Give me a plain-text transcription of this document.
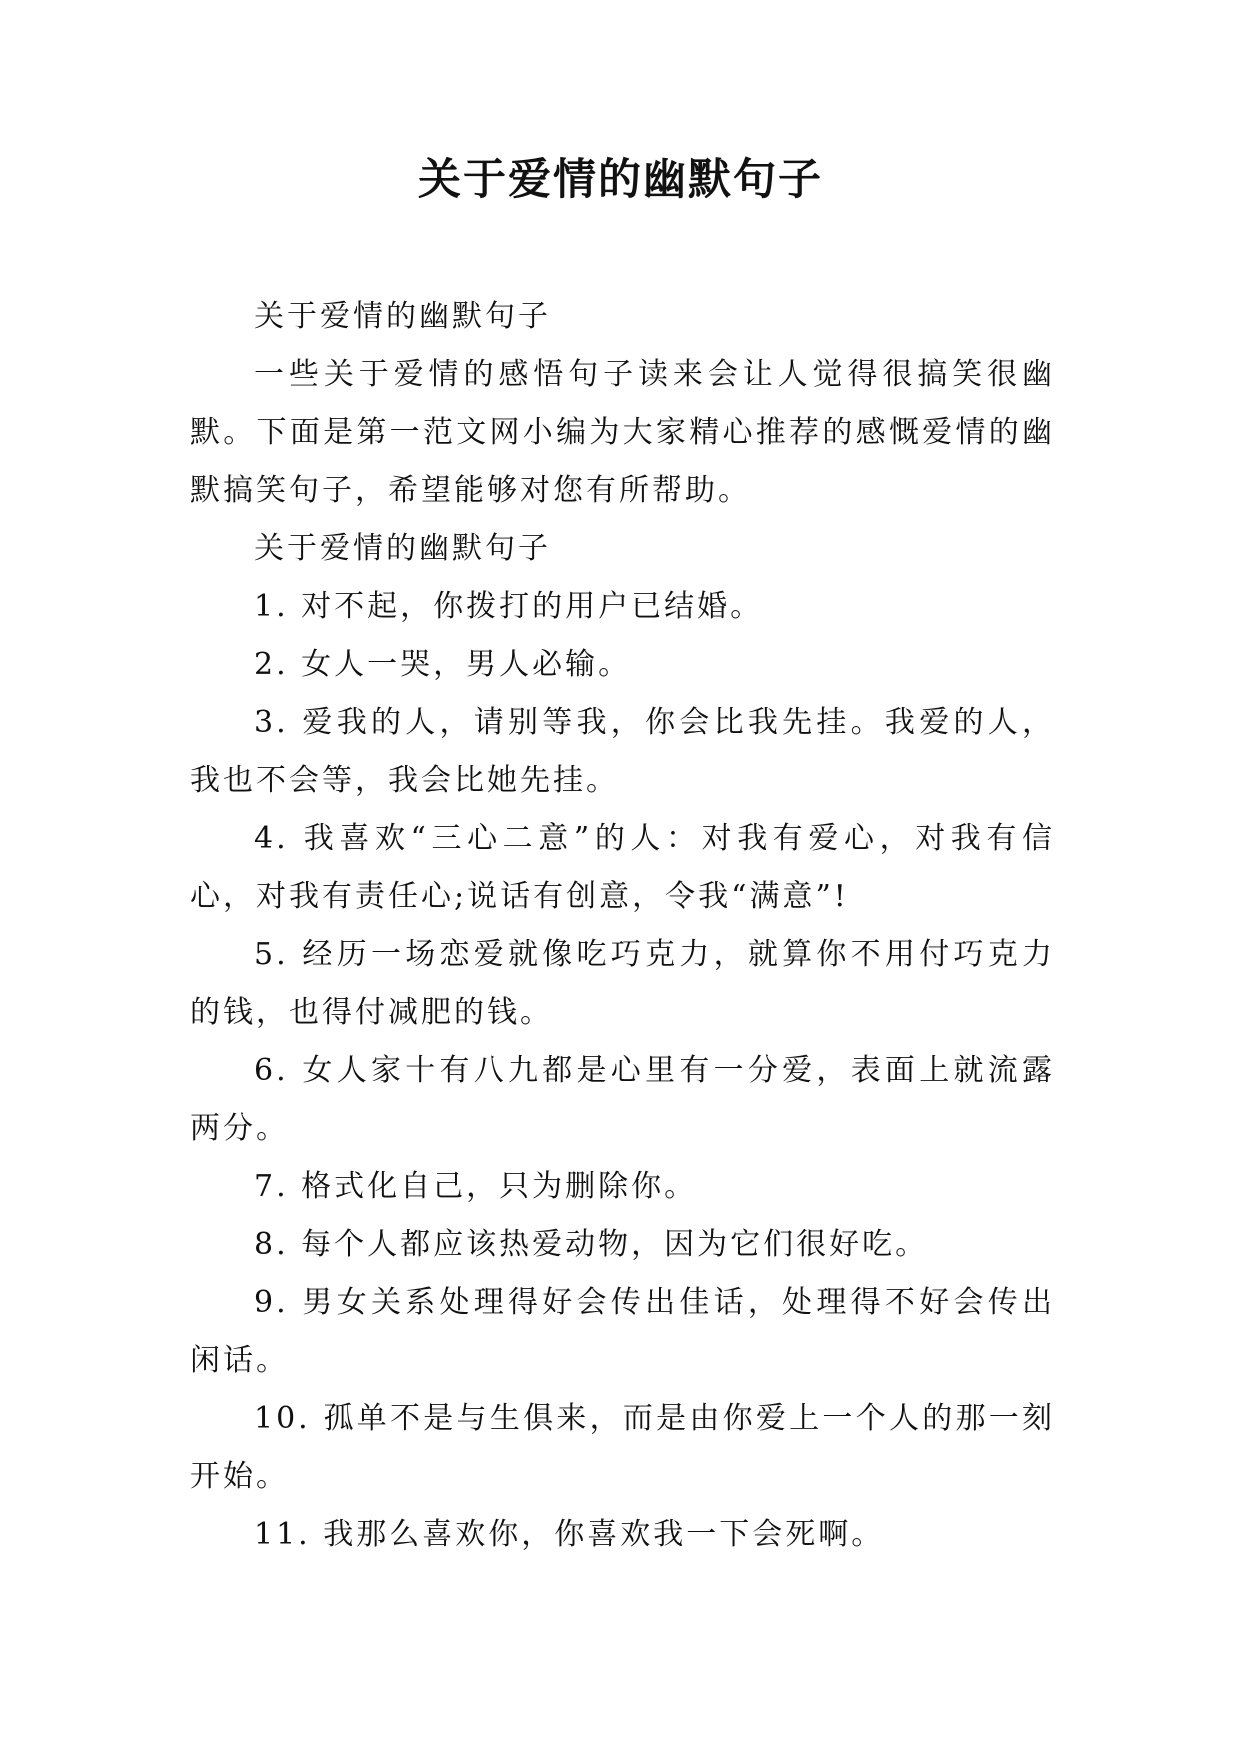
关于爱情的幽默句子

关于爱情的幽默句子

一些关于爱情的感悟句子读来会让人觉得很搞笑很幽默。下面是第一范文网小编为大家精心推荐的感慨爱情的幽默搞笑句子，希望能够对您有所帮助。

关于爱情的幽默句子

1. 对不起，你拨打的用户已结婚。

2. 女人一哭，男人必输。

3. 爱我的人，请别等我，你会比我先挂。我爱的人，我也不会等，我会比她先挂。

4. 我喜欢“三心二意”的人：对我有爱心，对我有信心，对我有责任心;说话有创意，令我“满意”!

5. 经历一场恋爱就像吃巧克力，就算你不用付巧克力的钱，也得付减肥的钱。

6. 女人家十有八九都是心里有一分爱，表面上就流露两分。

7. 格式化自己，只为删除你。

8. 每个人都应该热爱动物，因为它们很好吃。

9. 男女关系处理得好会传出佳话，处理得不好会传出闲话。

10. 孤单不是与生俱来，而是由你爱上一个人的那一刻开始。

11. 我那么喜欢你，你喜欢我一下会死啊。
